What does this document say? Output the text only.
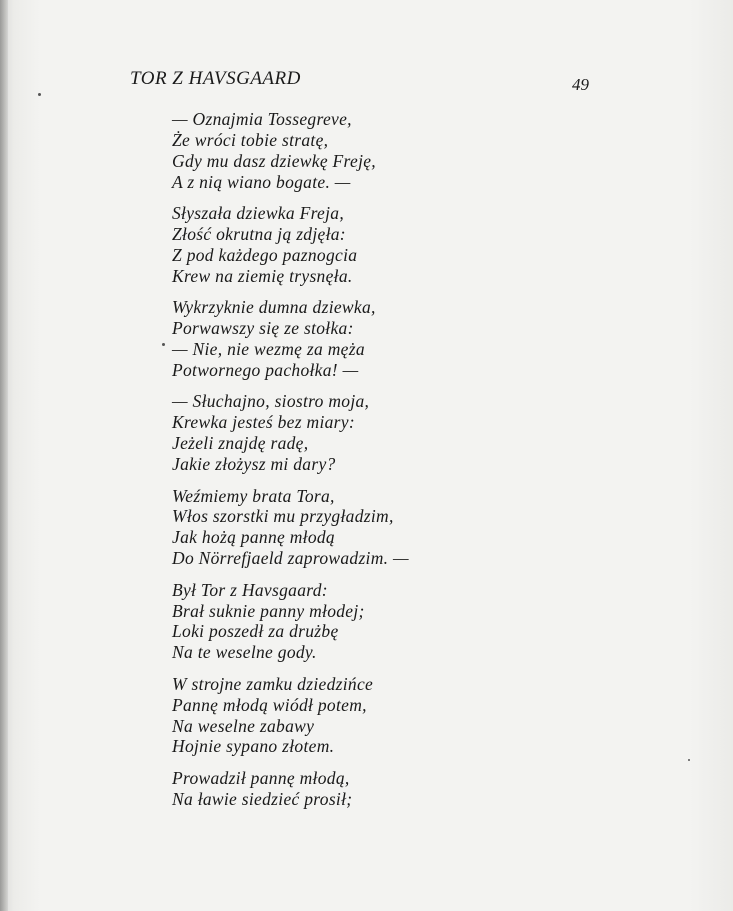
TOR Z HAVSGAARD	49
— Oznajmia Tossegreve,
Że wróci tobie stratę,
Gdy mu dasz dziewkę Freję,
A z nią wiano bogate. —
Słyszała dziewka Freja,
Złość okrutna ją zdjęła:
Z pod każdego paznogcia
Krew na ziemię trysnęła.
Wykrzyknie dumna dziewka,
Porwawszy się ze stołka:
— Nie, nie wezmę za męża
Potwornego pachołka! —
— Słuchajno, siostro moja,
Krewka jesteś bez miary:
Jeżeli znajdę radę,
Jakie złożysz mi dary?
Weźmiemy brata Tora,
Włos szorstki mu przygładzim,
Jak hożą pannę młodą
Do Nörrefjaeld zaprowadzim. —
Był Tor z Havsgaard:
Brał suknie panny młodej;
Loki poszedł za drużbę
Na te weselne gody.
W strojne zamku dziedzińce
Pannę młodą wiódł potem,
Na weselne zabawy
Hojnie sypano złotem.
Prowadził pannę młodą,
Na ławie siedzieć prosił;
